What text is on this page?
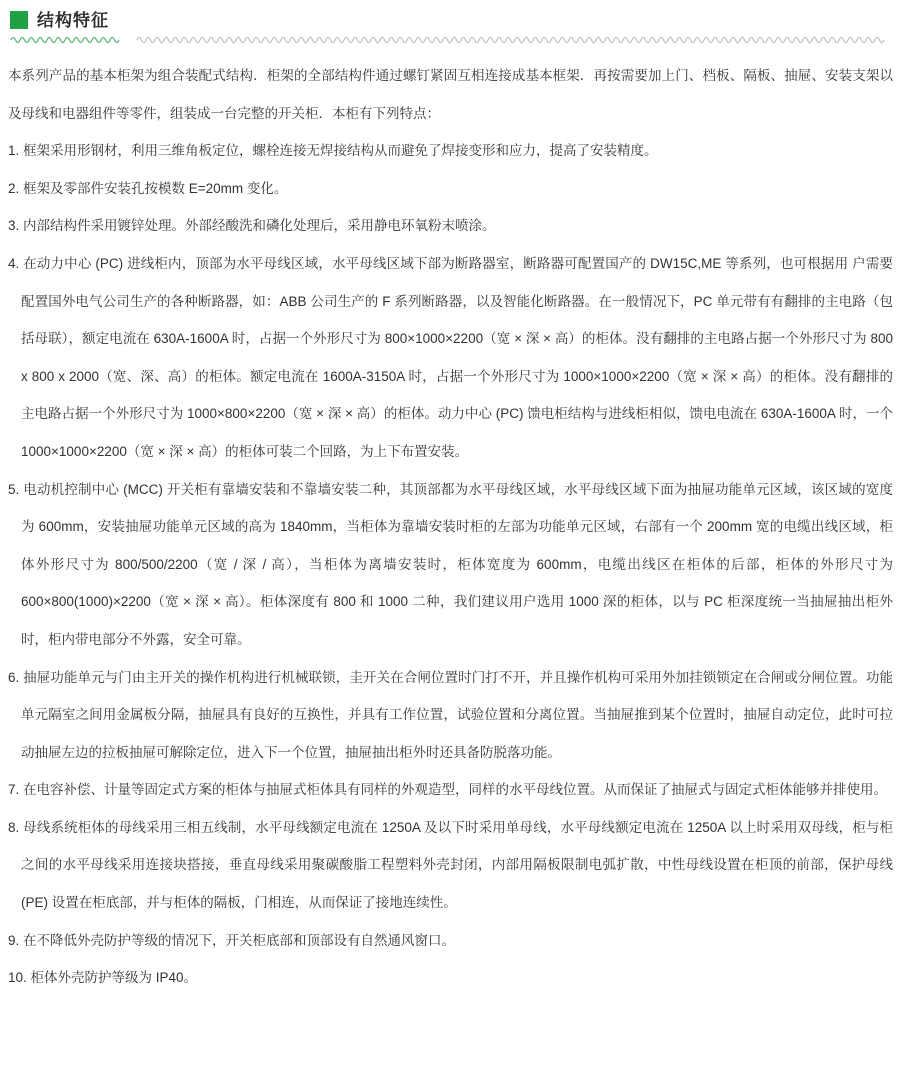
结构特征

本系列产品的基本柜架为组合装配式结构．柜架的全部结构件通过螺钉紧固互相连接成基本框架．再按需要加上门、档板、隔板、抽屉、安装支架以及母线和电器组件等零件，组装成一台完整的开关柜．本柜有下列特点：

1. 框架采用形钢材，利用三维角板定位，螺栓连接无焊接结构从而避免了焊接变形和应力，提高了安装精度。
2. 框架及零部件安装孔按模数 E=20mm 变化。
3. 内部结构件采用镀锌处理。外部经酸洗和磷化处理后，采用静电环氧粉末喷涂。
4. 在动力中心 (PC) 进线柜内，顶部为水平母线区域，水平母线区域下部为断路器室，断路器可配置国产的 DW15C,ME 等系列，也可根据用 户需要配置国外电气公司生产的各种断路器，如：ABB 公司生产的 F 系列断路器，以及智能化断路器。在一般情况下，PC 单元带有有翻排的主电路（包括母联），额定电流在 630A-1600A 时，占据一个外形尺寸为 800×1000×2200（宽 × 深 × 高）的柜体。没有翻排的主电路占据一个外形尺寸为 800 x 800 x 2000（宽、深、高）的柜体。额定电流在 1600A-3150A 时，占据一个外形尺寸为 1000×1000×2200（宽 × 深 × 高）的柜体。没有翻排的主电路占据一个外形尺寸为 1000×800×2200（宽 × 深 × 高）的柜体。动力中心 (PC) 馈电柜结构与进线柜相似，馈电电流在 630A-1600A 时，一个 1000×1000×2200（宽 × 深 × 高）的柜体可装二个回路，为上下布置安装。
5. 电动机控制中心 (MCC) 开关柜有靠墙安装和不靠墙安装二种，其顶部都为水平母线区域，水平母线区域下面为抽屉功能单元区域，该区域的宽度为 600mm，安装抽屉功能单元区域的高为 1840mm，当柜体为靠墙安装时柜的左部为功能单元区域，右部有一个 200mm 宽的电缆出线区域，柜体外形尺寸为 800/500/2200（宽 / 深 / 高），当柜体为离墙安装时，柜体宽度为 600mm，电缆出线区在柜体的后部，柜体的外形尺寸为 600×800(1000)×2200（宽 × 深 × 高）。柜体深度有 800 和 1000 二种，我们建议用户选用 1000 深的柜体，以与 PC 柜深度统一当抽屉抽出柜外时，柜内带电部分不外露，安全可靠。
6. 抽屉功能单元与门由主开关的操作机构进行机械联锁，圭开关在合闸位置时门打不开，并且操作机构可采用外加挂锁锁定在合闸或分闸位置。功能单元隔室之间用金属板分隔，抽屉具有良好的互换性，并具有工作位置，试验位置和分离位置。当抽屉推到某个位置时，抽屉自动定位，此时可拉动抽屉左边的拉板抽屉可解除定位，进入下一个位置，抽屉抽出柜外时还具备防脱落功能。
7. 在电容补偿、计量等固定式方案的柜体与抽屉式柜体具有同样的外观造型，同样的水平母线位置。从而保证了抽屉式与固定式柜体能够并排使用。
8. 母线系统柜体的母线采用三相五线制，水平母线额定电流在 1250A 及以下时采用单母线，水平母线额定电流在 1250A 以上时采用双母线，柜与柜之间的水平母线采用连接块搭接，垂直母线采用聚碳酸脂工程塑料外壳封闭，内部用隔板限制电弧扩散，中性母线设置在柜顶的前部，保护母线 (PE) 设置在柜底部，并与柜体的隔板，门相连，从而保证了接地连续性。
9. 在不降低外壳防护等级的情况下，开关柜底部和顶部设有自然通风窗口。
10. 柜体外壳防护等级为 IP40。
